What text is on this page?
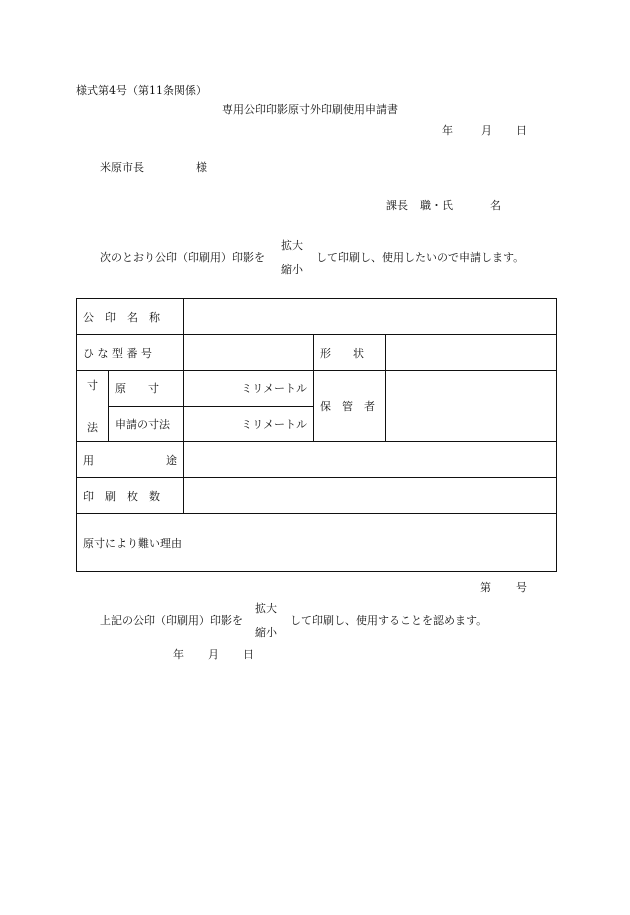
様式第4号（第11条関係）
専用公印印影原寸外印刷使用申請書
年	月 日
米原市長	様
課長 職・氏	名
次のとおり公印（印刷用）印影を
拡大
縮小
して印刷し、使用したいので申請します。
公　印　名　称				
ひ な 型 番 号			形　　状	

寸
法	原　　寸	ミリメートル	保　管　者	
	申請の寸法	ミリメートル		

用 途				

印　刷　枚　数				
原寸により難い理由				
第 号
上記の公印（印刷用）印影を
拡大
縮小
して印刷し、使用することを認めます。
年 月 日
